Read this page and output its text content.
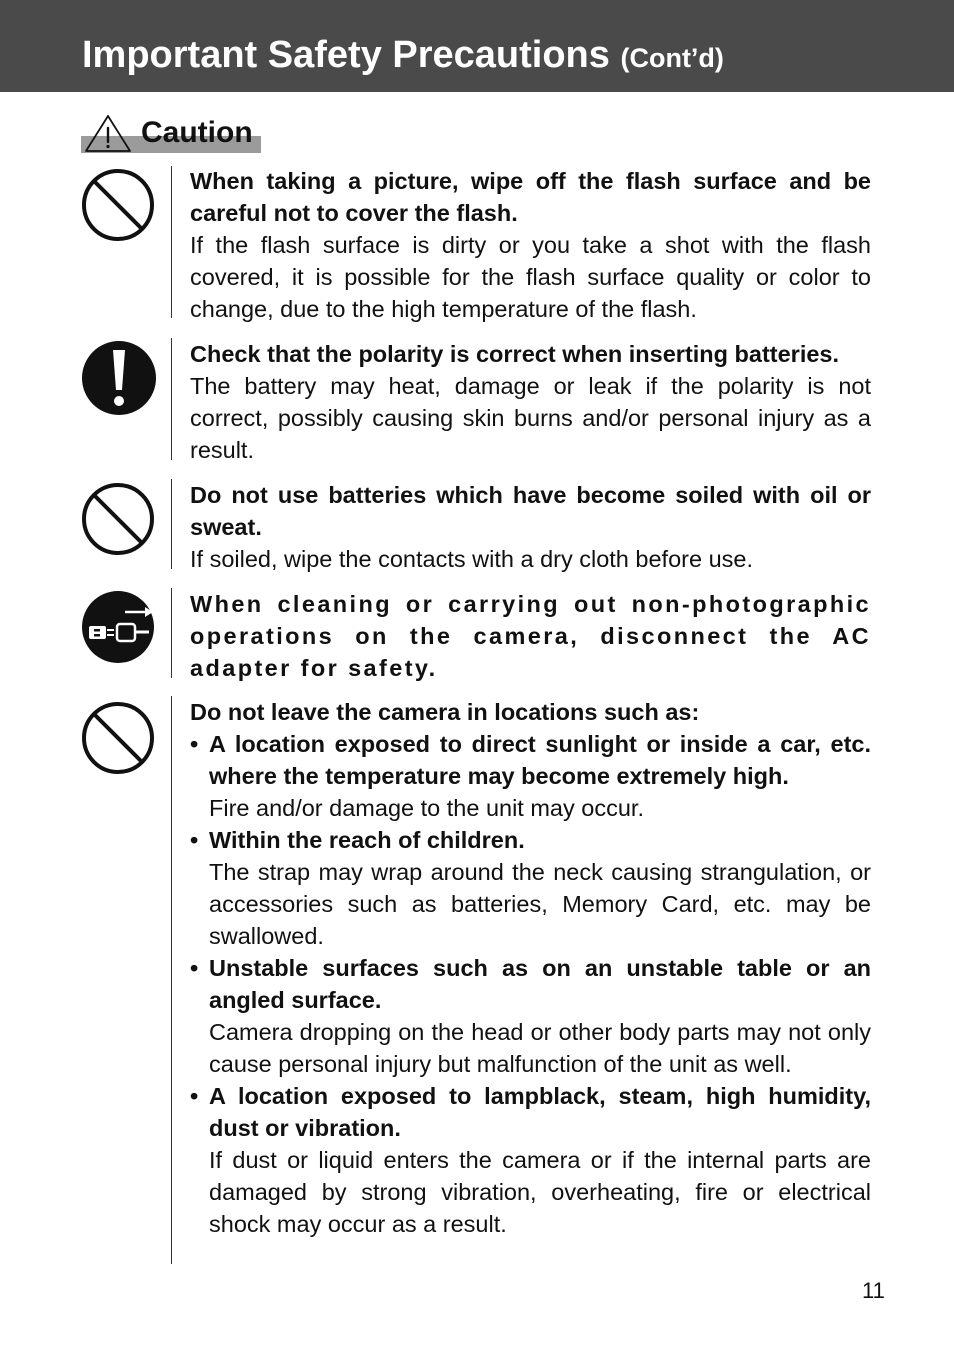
Important Safety Precautions (Cont’d)
Caution

When taking a picture, wipe off the flash surface and be careful not to cover the flash.

If the flash surface is dirty or you take a shot with the flash covered, it is possible for the flash surface quality or color to change, due to the high temperature of the flash.

Check that the polarity is correct when inserting batteries.

The battery may heat, damage or leak if the polarity is not correct, possibly causing skin burns and/or personal injury as a result.

Do not use batteries which have become soiled with oil or sweat.

If soiled, wipe the contacts with a dry cloth before use.

When cleaning or carrying out non-photographic operations on the camera, disconnect the AC adapter for safety.

Do not leave the camera in locations such as:

• A location exposed to direct sunlight or inside a car, etc. where the temperature may become extremely high.

Fire and/or damage to the unit may occur.

• Within the reach of children.

The strap may wrap around the neck causing strangulation, or accessories such as batteries, Memory Card, etc. may be swallowed.

• Unstable surfaces such as on an unstable table or an angled surface.

Camera dropping on the head or other body parts may not only cause personal injury but malfunction of the unit as well.

• A location exposed to lampblack, steam, high humidity, dust or vibration.

If dust or liquid enters the camera or if the internal parts are damaged by strong vibration, overheating, fire or electrical shock may occur as a result.

11
